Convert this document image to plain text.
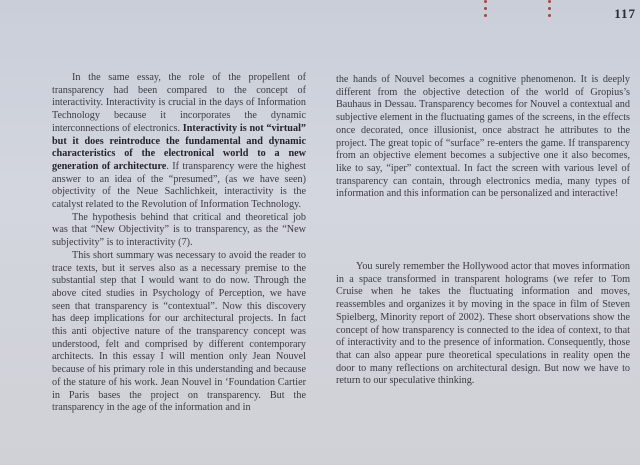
117

In the same essay, the role of the propellent of transparency had been compared to the concept of interactivity. Interactivity is crucial in the days of Information Technology because it incorporates the dynamic interconnections of electronics. Interactivity is not “virtual” but it does reintroduce the fundamental and dynamic characteristics of the electronical world to a new generation of architecture. If transparency were the highest answer to an idea of the “presumed”, (as we have seen) objectivity of the Neue Sachlichkeit, interactivity is the catalyst related to the Revolution of Information Technology.

The hypothesis behind that critical and theoretical job was that “New Objectivity” is to transparency, as the “New subjectivity” is to interactivity (7).

This short summary was necessary to avoid the reader to trace texts, but it serves also as a necessary premise to the substantial step that I would want to do now. Through the above cited studies in Psychology of Perception, we have seen that transparency is “contextual”. Now this discovery has deep implications for our architectural projects. In fact this anti objective nature of the transparency concept was understood, felt and comprised by different contemporary architects. In this essay I will mention only Jean Nouvel because of his primary role in this understanding and because of the stature of his work. Jean Nouvel in ‘Foundation Cartier in Paris bases the project on transparency. But the transparency in the age of the information and in

the hands of Nouvel becomes a cognitive phenomenon. It is deeply different from the objective detection of the world of Gropius’s Bauhaus in Dessau. Transparency becomes for Nouvel a contextual and subjective element in the fluctuating games of the screens, in the effects once decorated, once illusionist, once abstract he attributes to the project. The great topic of “surface” re-enters the game. If transparency from an objective element becomes a subjective one it also becomes, like to say, “iper” contextual. In fact the screen with various level of transparency can contain, through electronics media, many types of information and this information can be personalized and interactive!

You surely remember the Hollywood actor that moves information in a space transformed in transparent holograms (we refer to Tom Cruise when he takes the fluctuating information and moves, reassembles and organizes it by moving in the space in film of Steven Spielberg, Minority report of 2002). These short observations show the concept of how transparency is connected to the idea of context, to that of interactivity and to the presence of information. Consequently, those that can also appear pure theoretical speculations in reality open the door to many reflections on architectural design. But now we have to return to our speculative thinking.
